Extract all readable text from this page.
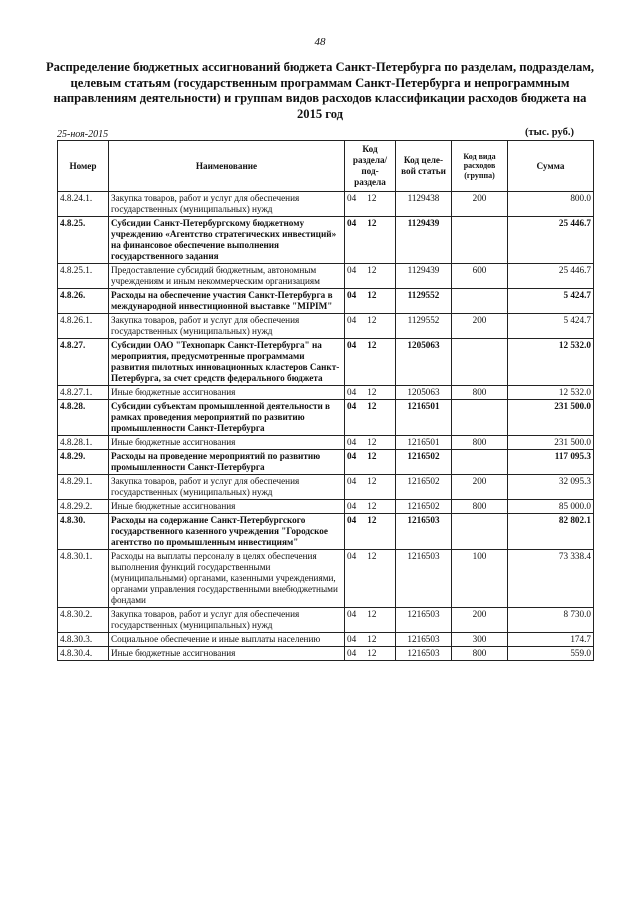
48
Распределение бюджетных ассигнований бюджета Санкт-Петербурга по разделам, подразделам, целевым статьям (государственным программам Санкт-Петербурга и непрограммным направлениям деятельности) и группам видов расходов классификации расходов бюджета на 2015 год
25-ноя-2015	(тыс. руб.)
Номер	Наименование	Код раздела/ под- раздела	Код целе- вой статьи	Код вида расходов (группа)	Сумма
4.8.24.1.	Закупка товаров, работ и услуг для обеспечения государственных (муниципальных) нужд	04 12	1129438	200	800.0
4.8.25.	Субсидии Санкт-Петербургскому бюджетному учреждению «Агентство стратегических инвестиций» на финансовое обеспечение выполнения государственного задания	04 12	1129439		25 446.7
4.8.25.1.	Предоставление субсидий бюджетным, автономным учреждениям и иным некоммерческим организациям	04 12	1129439	600	25 446.7
4.8.26.	Расходы на обеспечение участия Санкт-Петербурга в международной инвестиционной выставке "MIPIM"	04 12	1129552		5 424.7
4.8.26.1.	Закупка товаров, работ и услуг для обеспечения государственных (муниципальных) нужд	04 12	1129552	200	5 424.7
4.8.27.	Субсидии ОАО "Технопарк Санкт-Петербурга" на мероприятия, предусмотренные программами развития пилотных инновационных кластеров Санкт-Петербурга, за счет средств федерального бюджета	04 12	1205063		12 532.0
4.8.27.1.	Иные бюджетные ассигнования	04 12	1205063	800	12 532.0
4.8.28.	Субсидии субъектам промышленной деятельности в рамках проведения мероприятий по развитию промышленности Санкт-Петербурга	04 12	1216501		231 500.0
4.8.28.1.	Иные бюджетные ассигнования	04 12	1216501	800	231 500.0
4.8.29.	Расходы на проведение мероприятий по развитию промышленности Санкт-Петербурга	04 12	1216502		117 095.3
4.8.29.1.	Закупка товаров, работ и услуг для обеспечения государственных (муниципальных) нужд	04 12	1216502	200	32 095.3
4.8.29.2.	Иные бюджетные ассигнования	04 12	1216502	800	85 000.0
4.8.30.	Расходы на содержание Санкт-Петербургского государственного казенного учреждения "Городское агентство по промышленным инвестициям"	04 12	1216503		82 802.1
4.8.30.1.	Расходы на выплаты персоналу в целях обеспечения выполнения функций государственными (муниципальными) органами, казенными учреждениями, органами управления государственными внебюджетными фондами	04 12	1216503	100	73 338.4
4.8.30.2.	Закупка товаров, работ и услуг для обеспечения государственных (муниципальных) нужд	04 12	1216503	200	8 730.0
4.8.30.3.	Социальное обеспечение и иные выплаты населению	04 12	1216503	300	174.7
4.8.30.4.	Иные бюджетные ассигнования	04 12	1216503	800	559.0
